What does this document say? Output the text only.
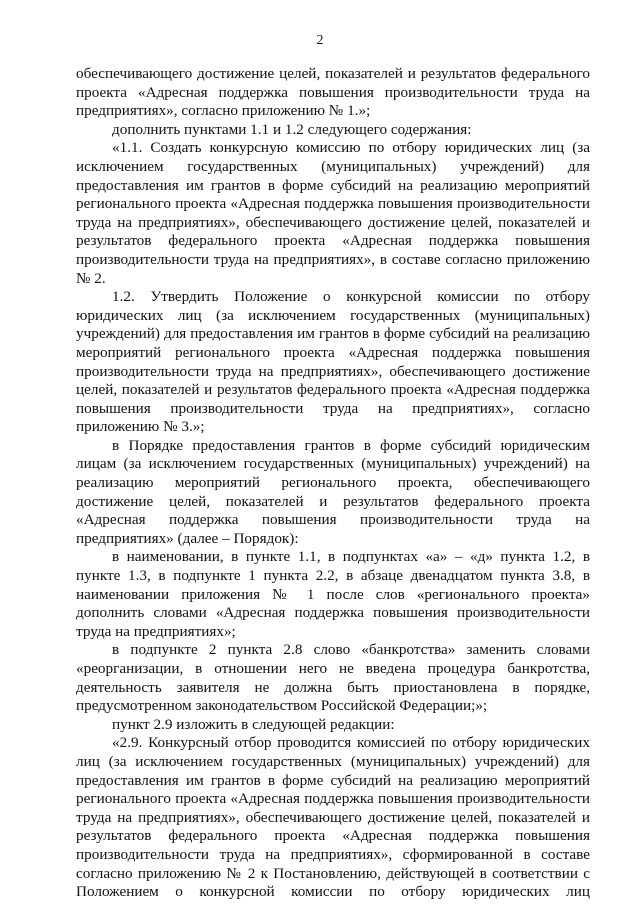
2

обеспечивающего достижение целей, показателей и результатов федерального проекта «Адресная поддержка повышения производительности труда на предприятиях», согласно приложению № 1.»;

дополнить пунктами 1.1 и 1.2 следующего содержания:

«1.1. Создать конкурсную комиссию по отбору юридических лиц (за исключением государственных (муниципальных) учреждений) для предоставления им грантов в форме субсидий на реализацию мероприятий регионального проекта «Адресная поддержка повышения производительности труда на предприятиях», обеспечивающего достижение целей, показателей и результатов федерального проекта «Адресная поддержка повышения производительности труда на предприятиях», в составе согласно приложению № 2.

1.2. Утвердить Положение о конкурсной комиссии по отбору юридических лиц (за исключением государственных (муниципальных) учреждений) для предоставления им грантов в форме субсидий на реализацию мероприятий регионального проекта «Адресная поддержка повышения производительности труда на предприятиях», обеспечивающего достижение целей, показателей и результатов федерального проекта «Адресная поддержка повышения производительности труда на предприятиях», согласно приложению № 3.»;

в Порядке предоставления грантов в форме субсидий юридическим лицам (за исключением государственных (муниципальных) учреждений) на реализацию мероприятий регионального проекта, обеспечивающего достижение целей, показателей и результатов федерального проекта «Адресная поддержка повышения производительности труда на предприятиях» (далее – Порядок):

в наименовании, в пункте 1.1, в подпунктах «а» – «д» пункта 1.2, в пункте 1.3, в подпункте 1 пункта 2.2, в абзаце двенадцатом пункта 3.8, в наименовании приложения № 1 после слов «регионального проекта» дополнить словами «Адресная поддержка повышения производительности труда на предприятиях»;

в подпункте 2 пункта 2.8 слово «банкротства» заменить словами «реорганизации, в отношении него не введена процедура банкротства, деятельность заявителя не должна быть приостановлена в порядке, предусмотренном законодательством Российской Федерации;»;

пункт 2.9 изложить в следующей редакции:

«2.9. Конкурсный отбор проводится комиссией по отбору юридических лиц (за исключением государственных (муниципальных) учреждений) для предоставления им грантов в форме субсидий на реализацию мероприятий регионального проекта «Адресная поддержка повышения производительности труда на предприятиях», обеспечивающего достижение целей, показателей и результатов федерального проекта «Адресная поддержка повышения производительности труда на предприятиях», сформированной в составе согласно приложению № 2 к Постановлению, действующей в соответствии с Положением о конкурсной комиссии по отбору юридических лиц
